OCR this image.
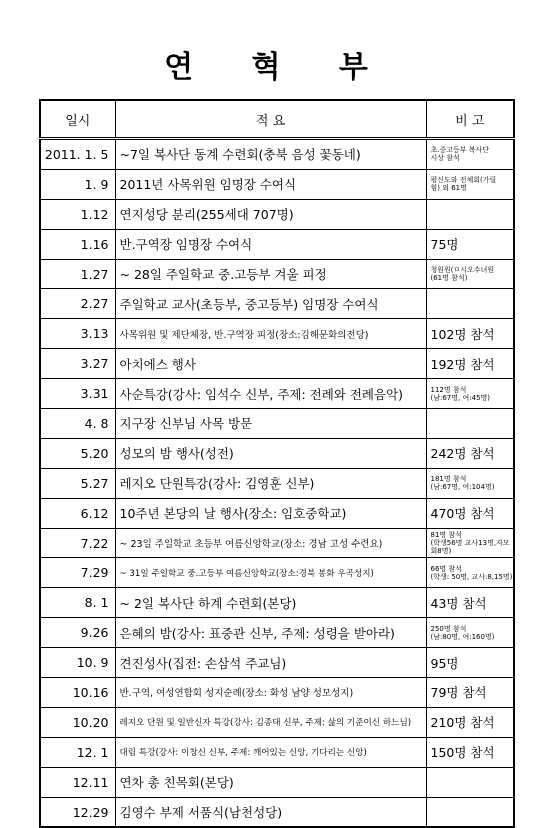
연 혁 부
일시	적 요	비 고
2011. 1. 5	~7일 복사단 동계 수련회(충북 음성 꽃동네)	초.중고등부 복사단
시상 참석

1. 9	2011년 사목위원 임명장 수여식	평신도와 전체회(가릴
힘) 외 61명

1.12	연지성당 분리(255세대 707명)	
1.16	반.구역장 임명장 수여식	75명
1.27	~ 28일 주일학교 중.고등부 겨울 피정	청원원(ㅁ시오수녀원
(61명 참석)

2.27	주일학교 교사(초등부, 중고등부) 임명장 수여식	
3.13	사목위원 및 제단체장, 반.구역장 피정(장소:김해문화의전당)	102명 참석
3.27	아치에스 행사	192명 참석
3.31	사순특강(강사: 임석수 신부, 주제: 전례와 전례음악)	112명 참석
(남:67명, 여:45명)

4. 8	지구장 신부님 사목 방문	
5.20	성모의 밤 행사(성전)	242명 참석
5.27	레지오 단원특강(강사: 김영훈 신부)	181명 참석
(남:67명, 여:104명)

6.12	10주년 본당의 날 행사(장소: 임호중학교)	470명 참석
7.22	~ 23일 주일학교 초등부 여름신앙학교(장소: 경남 고성 수련요)	81명 참석
(학생56명 교사13명,자모회8명)

7.29	~ 31일 주일학교 중.고등부 여름신앙학교(장소:경북 봉화 우곡성지)	66명 참석
(학생: 50명, 교사:8,15명)

8. 1	~ 2일 복사단 하계 수련회(본당)	43명 참석
9.26	은혜의 밤(강사: 표중관 신부, 주제: 성령을 받아라)	250명 참석
(남:80명, 여:160명)

10. 9	견진성사(집전: 손삼석 주교님)	95명
10.16	반.구역, 여성연합회 성지순례(장소: 화성 남양 성모성지)	79명 참석
10.20	레지오 단원 및 일반신자 특강(강사: 김종태 신부, 주제: 삶의 기준이신 하느님)	210명 참석
12. 1	대림 특강(강사: 이창신 신부, 주제: 깨어있는 신앙, 기다리는 신앙)	150명 참석
12.11	연차 총 친목회(본당)	
12.29	김영수 부제 서품식(남천성당)	
